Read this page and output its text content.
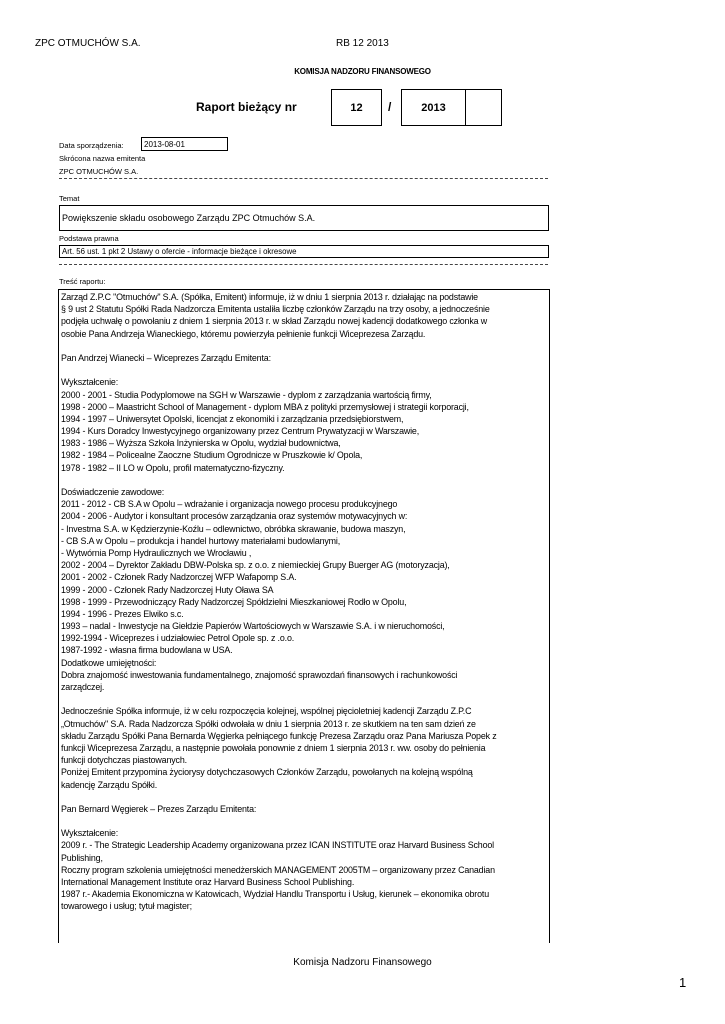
ZPC OTMUCHÓW S.A.	RB 12 2013
KOMISJA NADZORU FINANSOWEGO
Raport bieżący nr	12 /	2013
Data sporządzenia:	2013-08-01
Skrócona nazwa emitenta
ZPC OTMUCHÓW S.A.
Temat
Powiększenie składu osobowego Zarządu ZPC Otmuchów S.A.
Podstawa prawna
Art. 56 ust. 1 pkt 2 Ustawy o ofercie - informacje bieżące i okresowe
Treść raportu:
Zarząd Z.P.C "Otmuchów" S.A. (Spółka, Emitent) informuje, iż w dniu 1 sierpnia 2013 r. działając na podstawie
§ 9 ust 2 Statutu Spółki Rada Nadzorcza Emitenta ustaliła liczbę członków Zarządu na trzy osoby, a jednocześnie
podjęła uchwałę o powołaniu z dniem 1 sierpnia 2013 r. w skład Zarządu nowej kadencji dodatkowego członka w
osobie Pana Andrzeja Wianeckiego, któremu powierzyła pełnienie funkcji Wiceprezesa Zarządu.
Pan Andrzej Wianecki – Wiceprezes Zarządu Emitenta:
Wykształcenie:
2000 - 2001 - Studia Podyplomowe na SGH w Warszawie - dyplom z zarządzania wartością firmy,
1998 - 2000 – Maastricht School of Management - dyplom MBA z polityki przemysłowej i strategii korporacji,
1994 - 1997 – Uniwersytet Opolski, licencjat z ekonomiki i zarządzania przedsiębiorstwem,
1994 - Kurs Doradcy Inwestycyjnego organizowany przez Centrum Prywatyzacji w Warszawie,
1983 - 1986 – Wyższa Szkoła Inżynierska w Opolu, wydział budownictwa,
1982 - 1984 – Policealne Zaoczne Studium Ogrodnicze w Pruszkowie k/ Opola,
1978 - 1982 – II LO w Opolu, profil matematyczno-fizyczny.
Doświadczenie zawodowe:
2011 - 2012 - CB S.A w Opolu – wdrażanie i organizacja nowego procesu produkcyjnego
2004 - 2006 - Audytor i konsultant procesów zarządzania oraz systemów motywacyjnych w:
- Investma S.A. w Kędzierzynie-Koźlu – odlewnictwo, obróbka skrawanie, budowa maszyn,
- CB S.A w Opolu – produkcja i handel hurtowy materiałami budowlanymi,
- Wytwórnia Pomp Hydraulicznych we Wrocławiu ,
2002 - 2004 – Dyrektor Zakładu DBW-Polska sp. z o.o. z niemieckiej Grupy Buerger AG (motoryzacja),
2001 - 2002 - Członek Rady Nadzorczej WFP Wafapomp S.A.
1999 - 2000 - Członek Rady Nadzorczej Huty Oława SA
1998 - 1999 - Przewodniczący Rady Nadzorczej Spółdzielni Mieszkaniowej Rodło w Opolu,
1994 - 1996 - Prezes Elwiko s.c.
1993 – nadal - Inwestycje na Giełdzie Papierów Wartościowych w Warszawie S.A. i w nieruchomości,
1992-1994 - Wiceprezes i udziałowiec Petrol Opole sp. z .o.o.
1987-1992 - własna firma budowlana w USA.
Dodatkowe umiejętności:
Dobra znajomość inwestowania fundamentalnego, znajomość sprawozdań finansowych i rachunkowości
zarządczej.
Jednocześnie Spółka informuje, iż w celu rozpoczęcia kolejnej, wspólnej pięcioletniej kadencji Zarządu Z.P.C
„Otmuchów" S.A. Rada Nadzorcza Spółki odwołała w dniu 1 sierpnia 2013 r. ze skutkiem na ten sam dzień ze
składu Zarządu Spółki Pana Bernarda Węgierka pełniącego funkcję Prezesa Zarządu oraz Pana Mariusza Popek z
funkcji Wiceprezesa Zarządu, a następnie powołała ponownie z dniem 1 sierpnia 2013 r. ww. osoby do pełnienia
funkcji dotychczas piastowanych.
Poniżej Emitent przypomina życiorysy dotychczasowych Członków Zarządu, powołanych na kolejną wspólną
kadencję Zarządu Spółki.
Pan Bernard Węgierek – Prezes Zarządu Emitenta:
Wykształcenie:
2009 r. - The Strategic Leadership Academy organizowana przez ICAN INSTITUTE oraz Harvard Business School
Publishing,
Roczny program szkolenia umiejętności menedżerskich MANAGEMENT 2005TM – organizowany przez Canadian
International Management Institute oraz Harvard Business School Publishing.
1987 r.- Akademia Ekonomiczna w Katowicach, Wydział Handlu Transportu i Usług, kierunek – ekonomika obrotu
towarowego i usług; tytuł magister;
Komisja Nadzoru Finansowego
1
